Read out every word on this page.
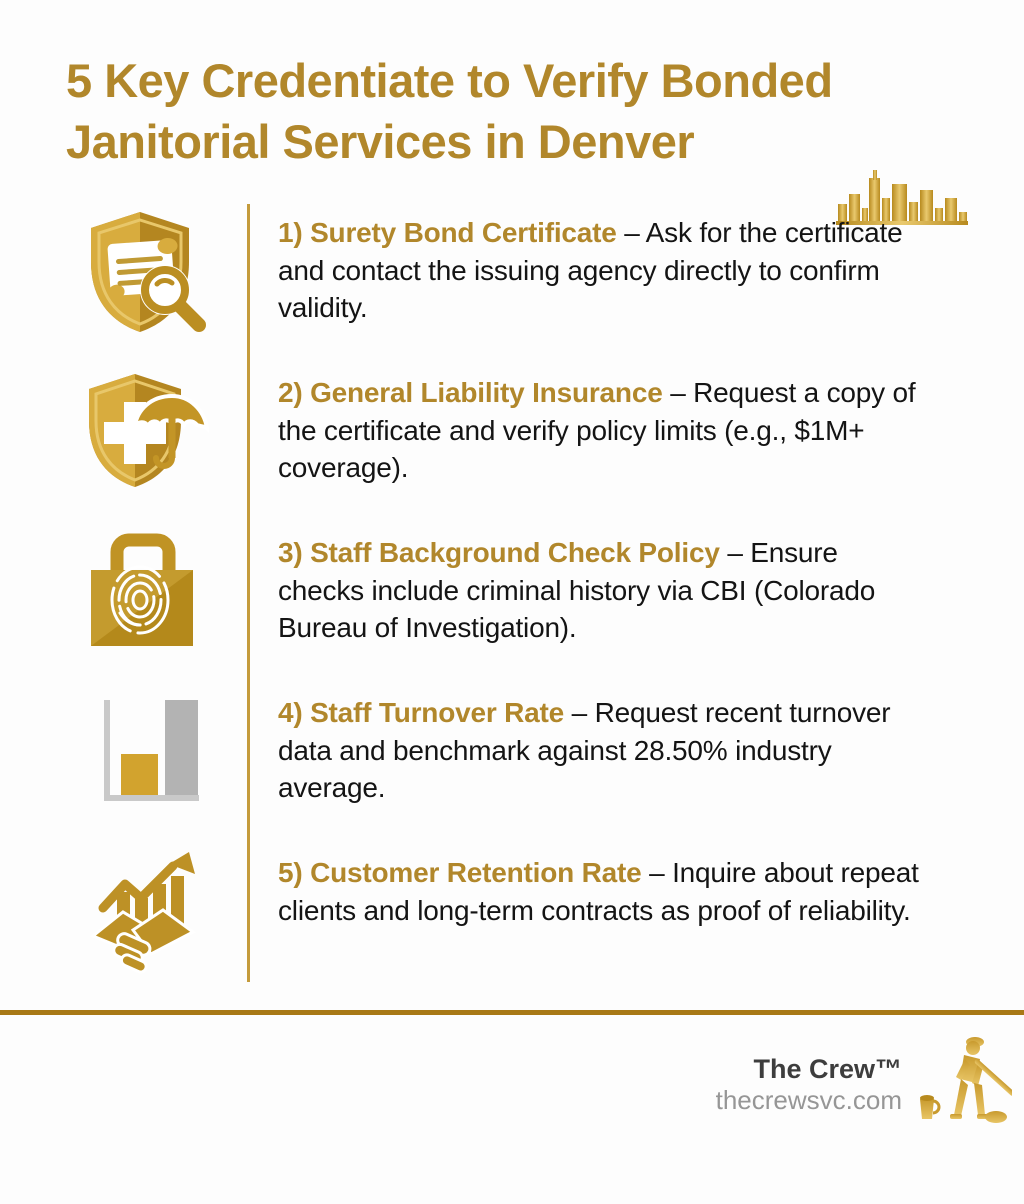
5 Key Credentiate to Verify Bonded
Janitorial Services in Denver
1) Surety Bond Certificate – Ask for the certificate and contact the issuing agency directly to confirm validity.
2) General Liability Insurance – Request a copy of the certificate and verify policy limits (e.g., $1M+ coverage).
3) Staff Background Check Policy – Ensure checks include criminal history via CBI (Colorado Bureau of Investigation).
4) Staff Turnover Rate – Request recent turnover data and benchmark against 28.50% industry average.
5) Customer Retention Rate – Inquire about repeat clients and long-term contracts as proof of reliability.
The Crew™
thecrewsvc.com
